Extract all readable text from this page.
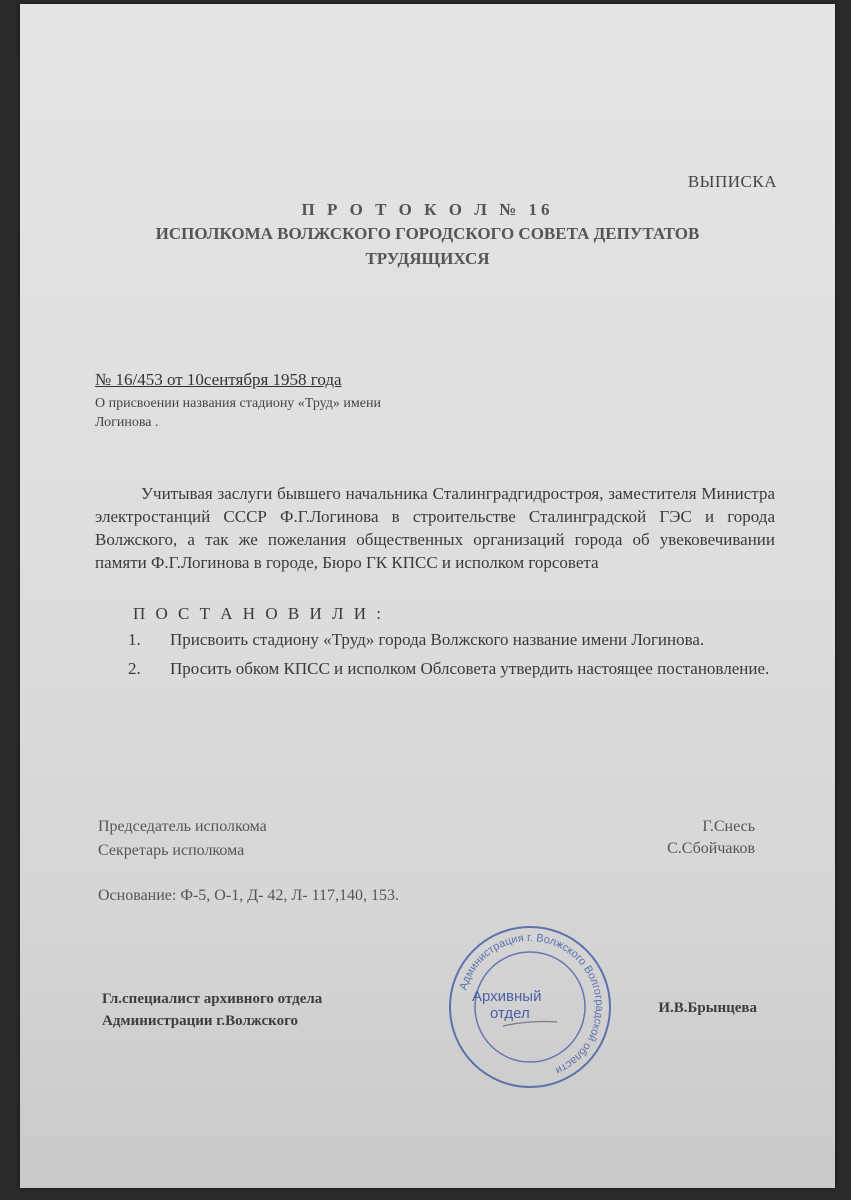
ВЫПИСКА
П Р О Т О К О Л № 16
ИСПОЛКОМА ВОЛЖСКОГО ГОРОДСКОГО СОВЕТА ДЕПУТАТОВ
ТРУДЯЩИХСЯ
№ 16/453 от 10сентября 1958 года
О присвоении названия стадиону «Труд» имени
Логинова .
Учитывая заслуги бывшего начальника Сталинградгидростроя, заместителя Министра электростанций СССР Ф.Г.Логинова в строительстве Сталинградской ГЭС и города Волжского, а так же пожелания общественных организаций города об увековечивании памяти Ф.Г.Логинова в городе, Бюро ГК КПСС и исполком горсовета
П О С Т А Н О В И Л И :
1. Присвоить стадиону «Труд» города Волжского название имени Логинова.
2. Просить обком КПСС и исполком Облсовета утвердить настоящее постановление.
Председатель исполкома	Г.Снесь
Секретарь исполкома	С.Сбойчаков
Основание: Ф-5, О-1, Д- 42, Л- 117,140, 153.
Гл.специалист архивного отдела
Администрации г.Волжского
И.В.Брынцева
Администрация г. Волжского Волгоградской области
Архивный
отдел
